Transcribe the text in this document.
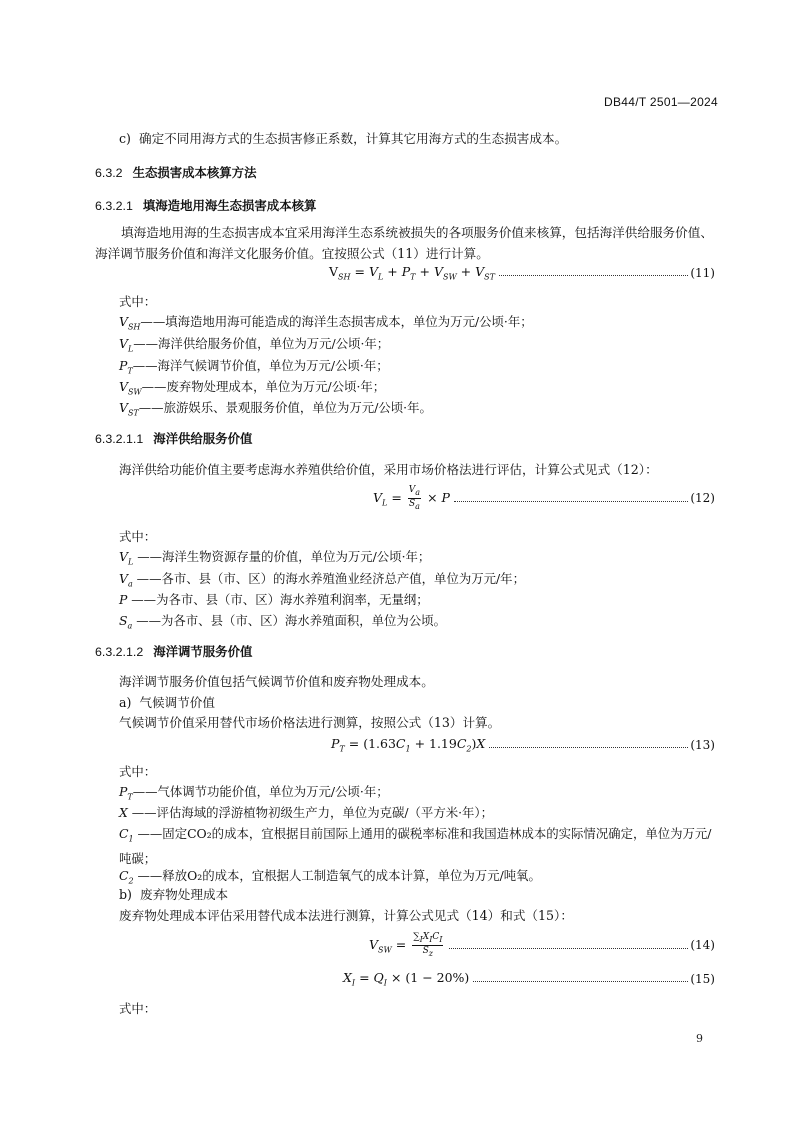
DB44/T 2501—2024
c) 确定不同用海方式的生态损害修正系数，计算其它用海方式的生态损害成本。
6.3.2 生态损害成本核算方法
6.3.2.1 填海造地用海生态损害成本核算
填海造地用海的生态损害成本宜采用海洋生态系统被损失的各项服务价值来核算，包括海洋供给服务价值、海洋调节服务价值和海洋文化服务价值。宜按照公式（11）进行计算。
$V_{SH} = V_L + P_T + V_{SW} + V_{ST}$	(11)
式中：
$V_{SH}——$填海造地用海可能造成的海洋生态损害成本，单位为万元/公顷·年；
$V_L——$海洋供给服务价值，单位为万元/公顷·年；
$P_T——$海洋气候调节价值，单位为万元/公顷·年；
$V_{SW}——$废弃物处理成本，单位为万元/公顷·年；
$V_{ST}——$旅游娱乐、景观服务价值，单位为万元/公顷·年。
6.3.2.1.1 海洋供给服务价值
海洋供给功能价值主要考虑海水养殖供给价值，采用市场价格法进行评估，计算公式见式（12）：
$V_L = \frac{V_a}{S_a} \times P$	(12)
式中：
$V_L$ ——海洋生物资源存量的价值，单位为万元/公顷·年；
$V_a$ ——各市、县（市、区）的海水养殖渔业经济总产值，单位为万元/年；
P ——为各市、县（市、区）海水养殖利润率，无量纲；
$S_a$ ——为各市、县（市、区）海水养殖面积，单位为公顷。
6.3.2.1.2 海洋调节服务价值
海洋调节服务价值包括气候调节价值和废弃物处理成本。
a) 气候调节价值
气候调节价值采用替代市场价格法进行测算，按照公式（13）计算。
$P_T = (1.63C_1 + 1.19C_2)X$	(13)
式中：
$P_T——$气体调节功能价值，单位为万元/公顷·年；
X ——评估海域的浮游植物初级生产力，单位为克碳/（平方米·年）；
$C_1$ ——固定CO₂的成本，宜根据目前国际上通用的碳税率标准和我国造林成本的实际情况确定，单位为万元/吨碳；
$C_2$ ——释放O₂的成本，宜根据人工制造氧气的成本计算，单位为万元/吨氧。
b) 废弃物处理成本
废弃物处理成本评估采用替代成本法进行测算，计算公式见式（14）和式（15）：
$V_{SW} = \frac{\sum_IX_IC_I}{S_z}$	(14)
$X_I = Q_I \times (1 - 20\%)$	(15)
式中：
9
